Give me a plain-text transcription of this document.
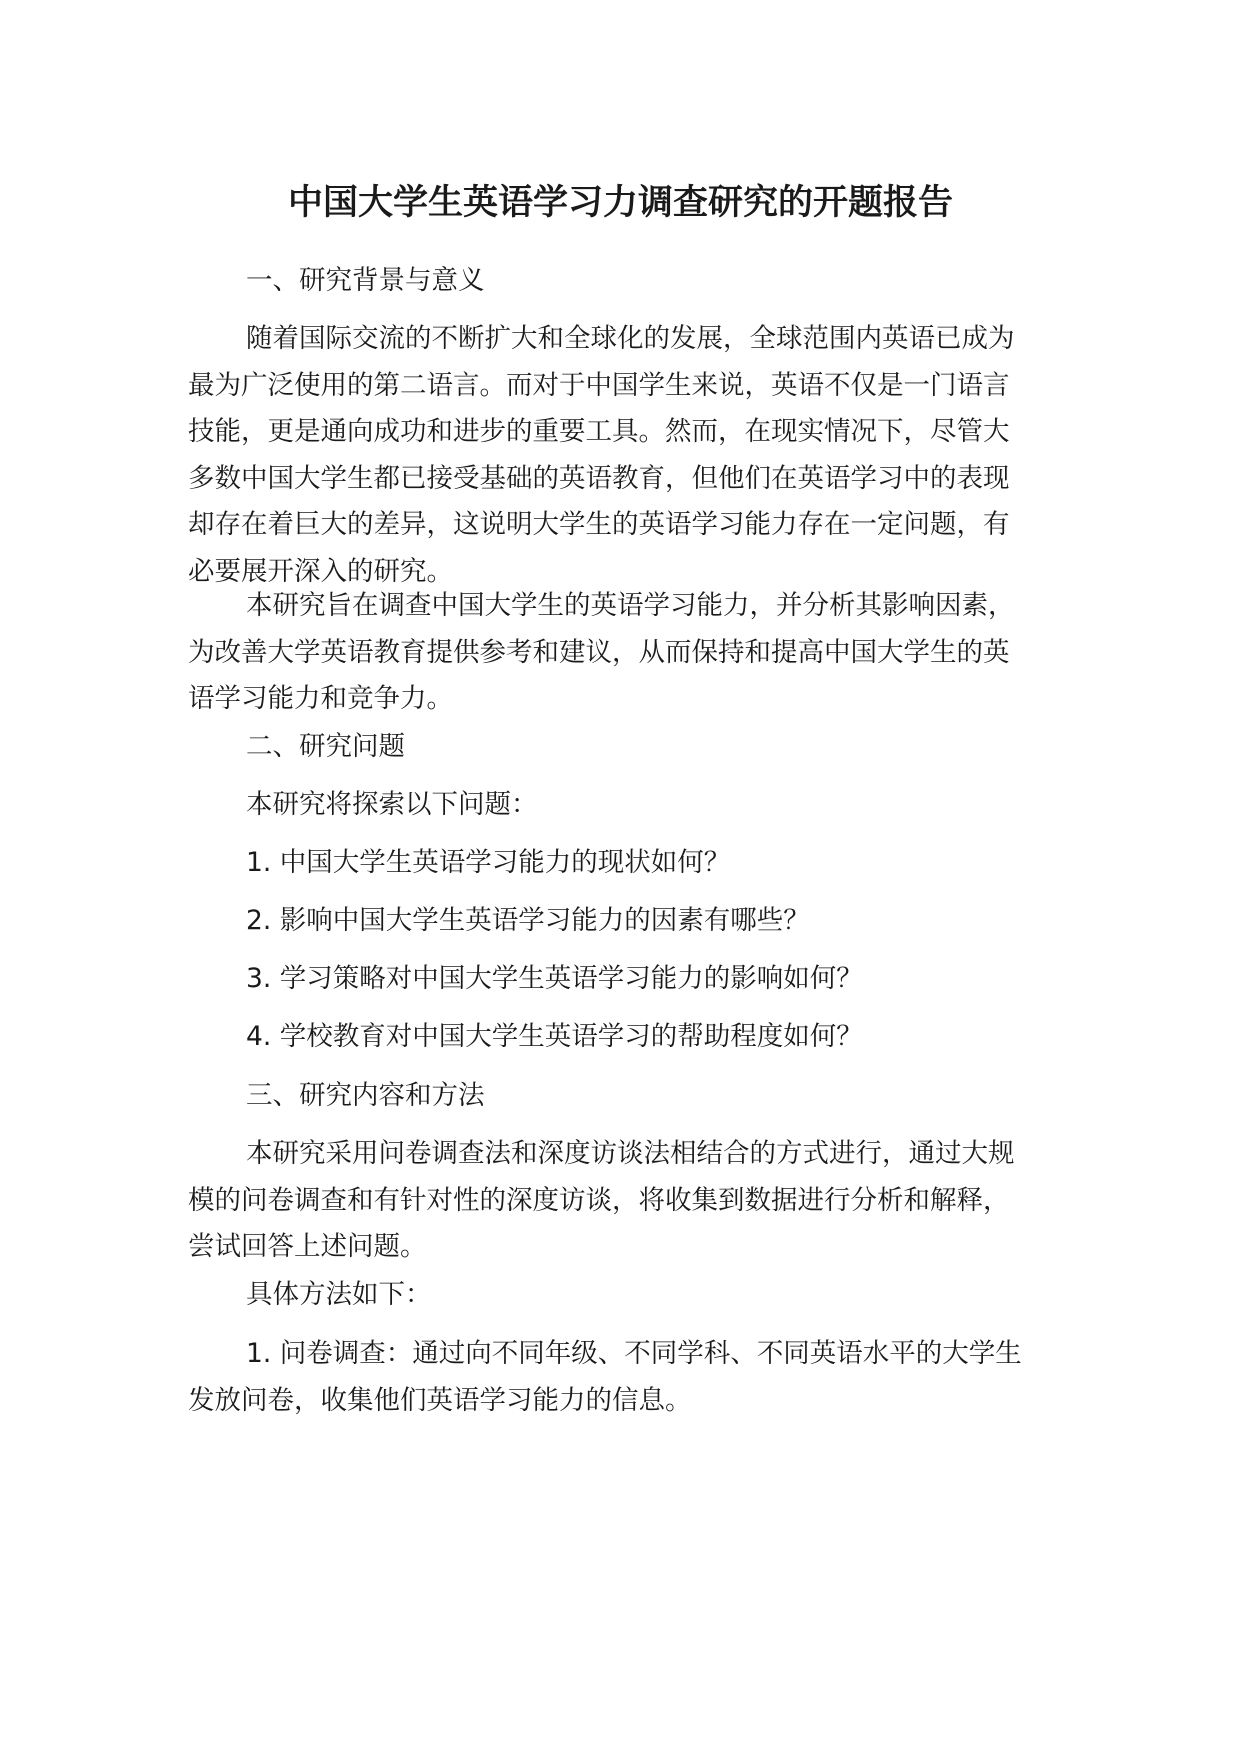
中国大学生英语学习力调查研究的开题报告

一、研究背景与意义

随着国际交流的不断扩大和全球化的发展，全球范围内英语已成为
最为广泛使用的第二语言。而对于中国学生来说，英语不仅是一门语言
技能，更是通向成功和进步的重要工具。然而，在现实情况下，尽管大
多数中国大学生都已接受基础的英语教育，但他们在英语学习中的表现
却存在着巨大的差异，这说明大学生的英语学习能力存在一定问题，有
必要展开深入的研究。
本研究旨在调查中国大学生的英语学习能力，并分析其影响因素，
为改善大学英语教育提供参考和建议，从而保持和提高中国大学生的英
语学习能力和竞争力。

二、研究问题

本研究将探索以下问题：

1. 中国大学生英语学习能力的现状如何？

2. 影响中国大学生英语学习能力的因素有哪些？

3. 学习策略对中国大学生英语学习能力的影响如何？

4. 学校教育对中国大学生英语学习的帮助程度如何？

三、研究内容和方法

本研究采用问卷调查法和深度访谈法相结合的方式进行，通过大规
模的问卷调查和有针对性的深度访谈，将收集到数据进行分析和解释，
尝试回答上述问题。

具体方法如下：

1. 问卷调查：通过向不同年级、不同学科、不同英语水平的大学生
发放问卷，收集他们英语学习能力的信息。
